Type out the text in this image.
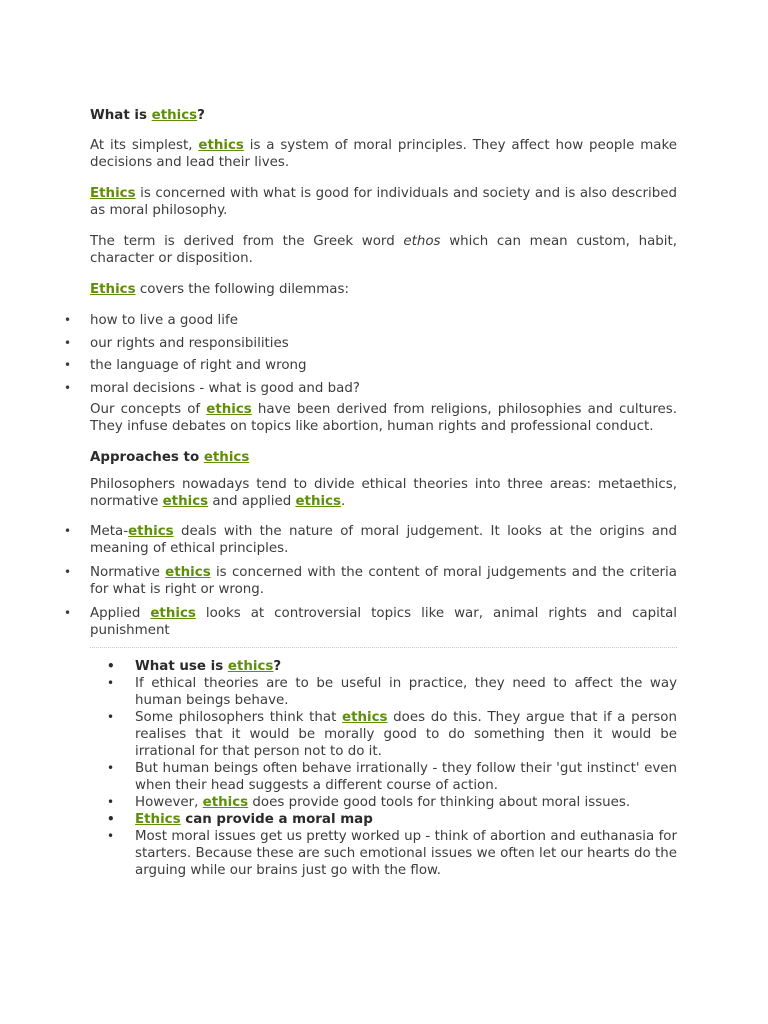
What is ethics?

At its simplest, ethics is a system of moral principles. They affect how people make decisions and lead their lives.

Ethics is concerned with what is good for individuals and society and is also described as moral philosophy.

The term is derived from the Greek word ethos which can mean custom, habit, character or disposition.

Ethics covers the following dilemmas:

• how to live a good life
• our rights and responsibilities
• the language of right and wrong
• moral decisions - what is good and bad?

Our concepts of ethics have been derived from religions, philosophies and cultures. They infuse debates on topics like abortion, human rights and professional conduct.

Approaches to ethics

Philosophers nowadays tend to divide ethical theories into three areas: metaethics, normative ethics and applied ethics.

• Meta-ethics deals with the nature of moral judgement. It looks at the origins and meaning of ethical principles.
• Normative ethics is concerned with the content of moral judgements and the criteria for what is right or wrong.
• Applied ethics looks at controversial topics like war, animal rights and capital punishment
• What use is ethics?
• If ethical theories are to be useful in practice, they need to affect the way human beings behave.
• Some philosophers think that ethics does do this. They argue that if a person realises that it would be morally good to do something then it would be irrational for that person not to do it.
• But human beings often behave irrationally - they follow their 'gut instinct' even when their head suggests a different course of action.
• However, ethics does provide good tools for thinking about moral issues.
• Ethics can provide a moral map
• Most moral issues get us pretty worked up - think of abortion and euthanasia for starters. Because these are such emotional issues we often let our hearts do the arguing while our brains just go with the flow.
